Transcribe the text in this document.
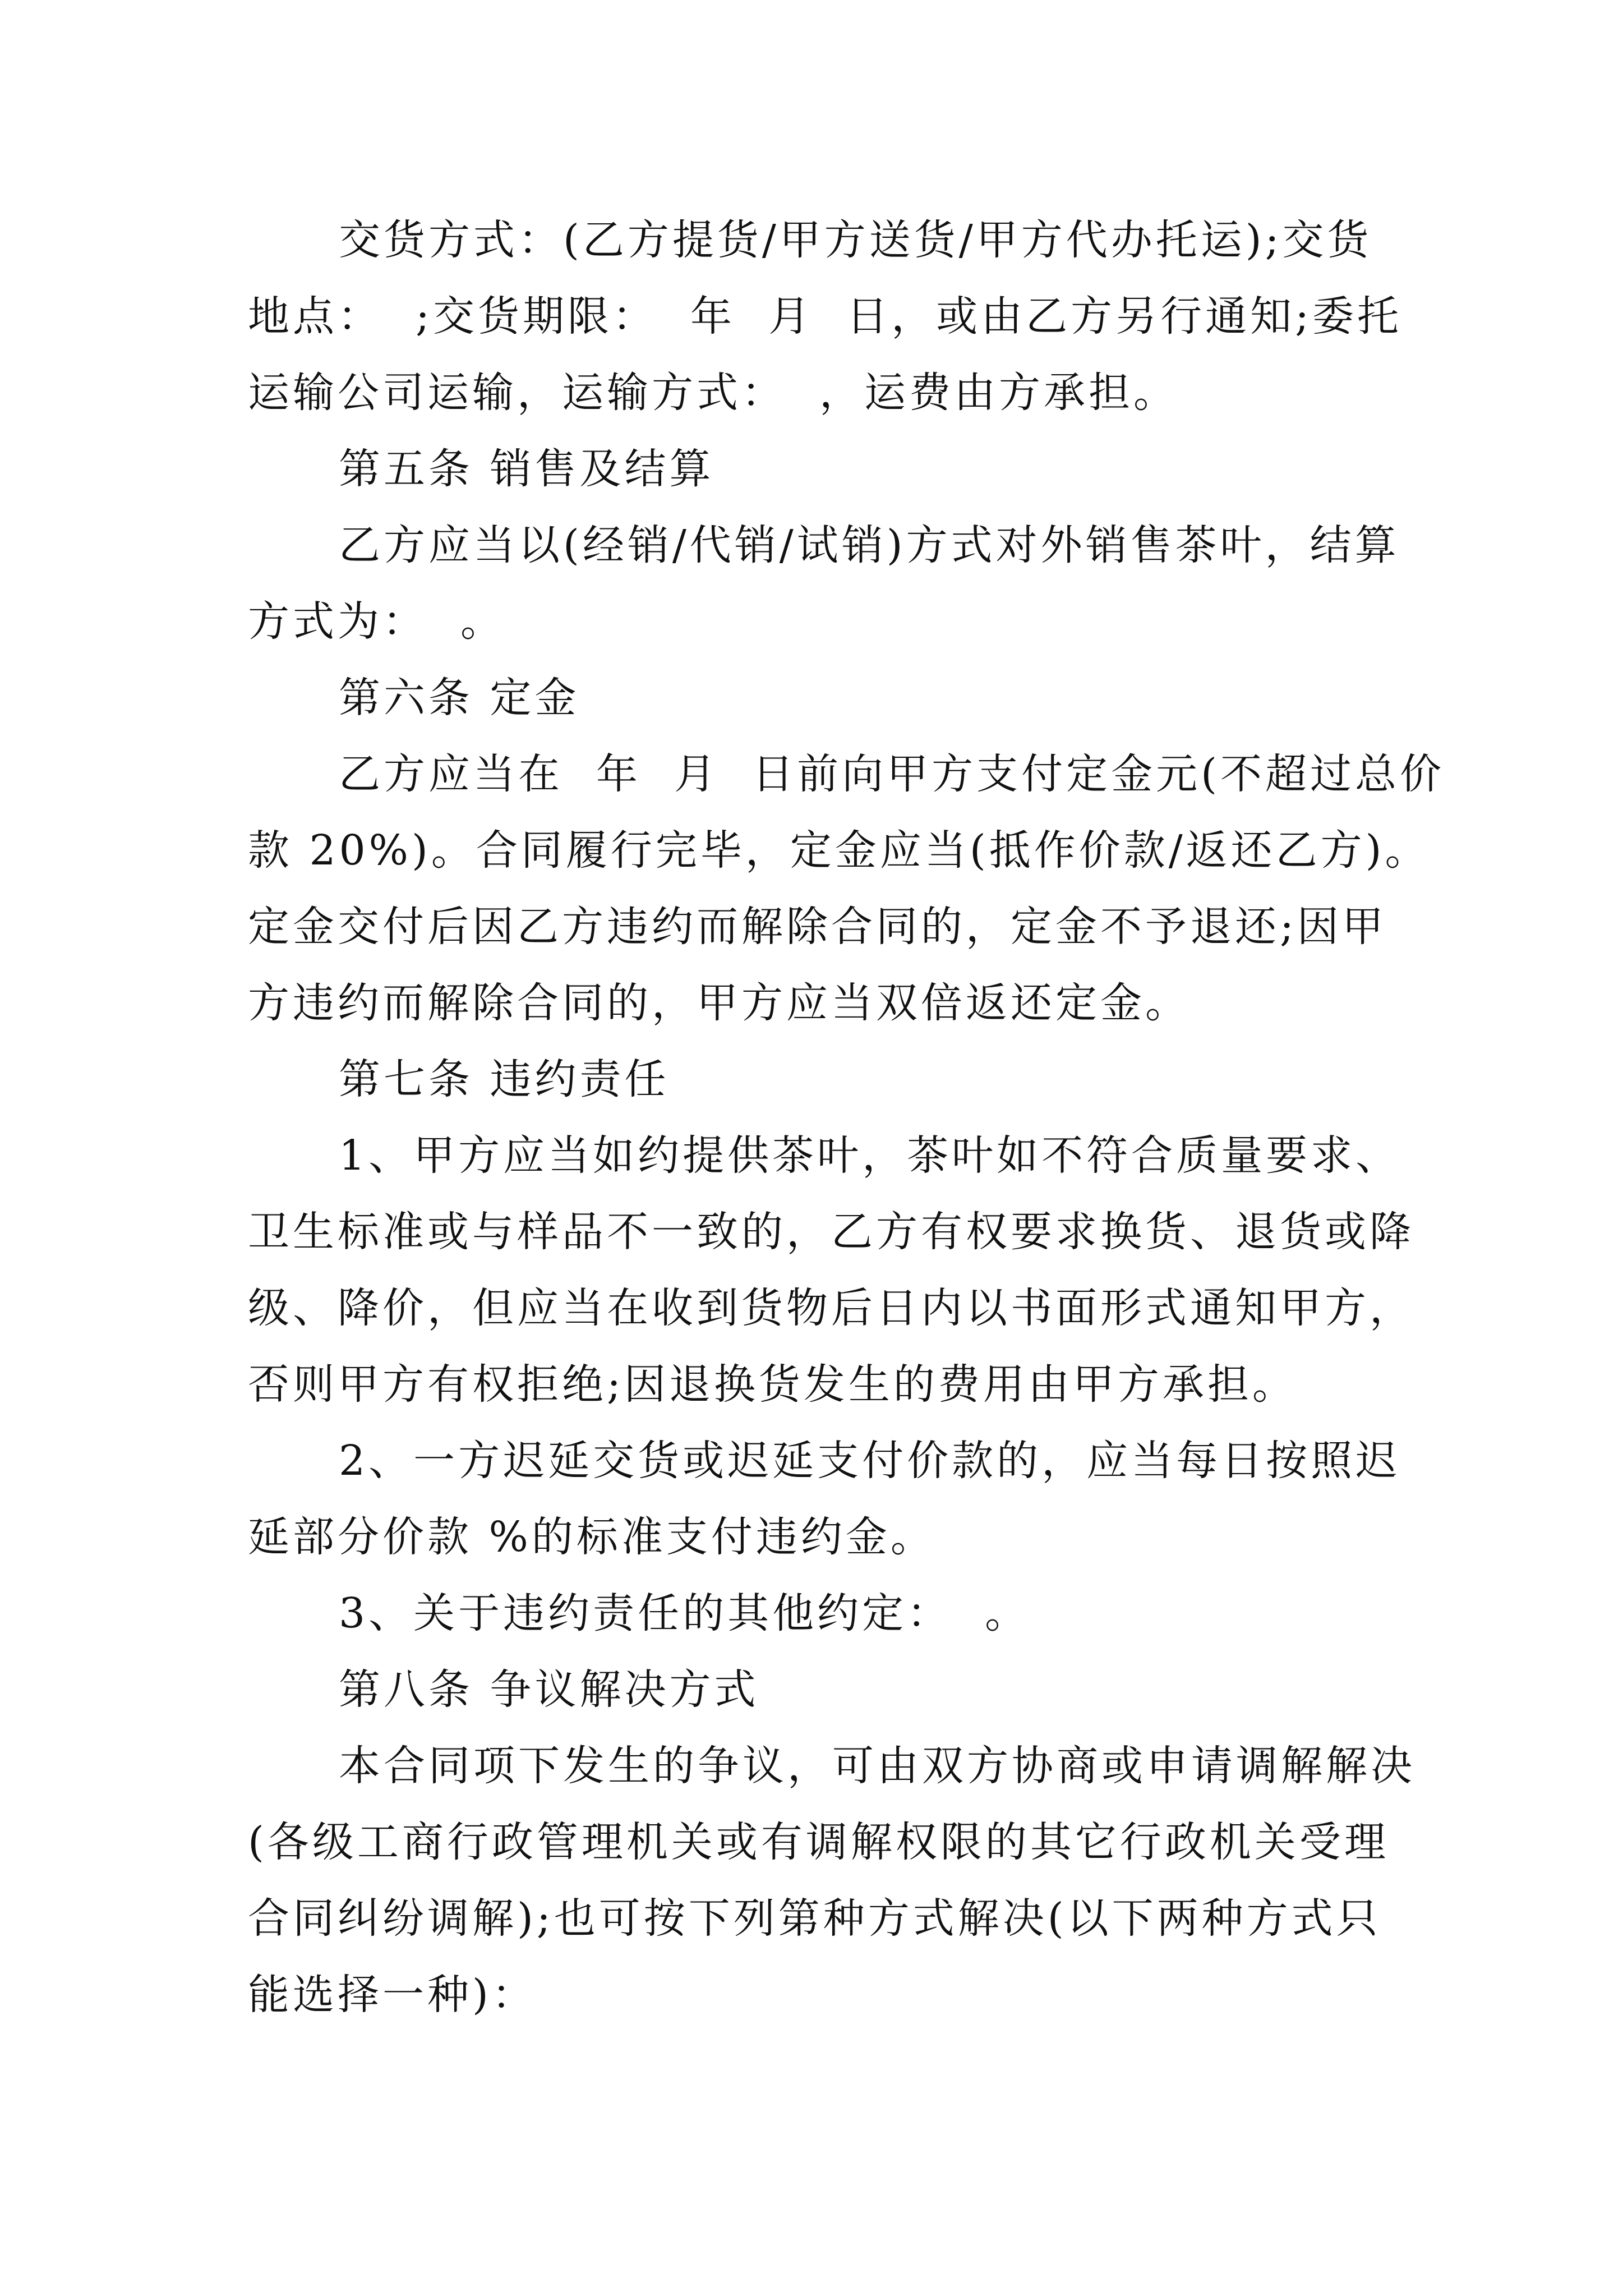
交货方式：(乙方提货/甲方送货/甲方代办托运);交货
地点：  ;交货期限：  年  月  日，或由乙方另行通知;委托
运输公司运输，运输方式：  ，运费由方承担。
第五条 销售及结算
乙方应当以(经销/代销/试销)方式对外销售茶叶，结算
方式为：  。
第六条 定金
乙方应当在  年  月  日前向甲方支付定金元(不超过总价
款 20%)。合同履行完毕，定金应当(抵作价款/返还乙方)。
定金交付后因乙方违约而解除合同的，定金不予退还;因甲
方违约而解除合同的，甲方应当双倍返还定金。
第七条 违约责任
1、甲方应当如约提供茶叶，茶叶如不符合质量要求、
卫生标准或与样品不一致的，乙方有权要求换货、退货或降
级、降价，但应当在收到货物后日内以书面形式通知甲方，
否则甲方有权拒绝;因退换货发生的费用由甲方承担。
2、一方迟延交货或迟延支付价款的，应当每日按照迟
延部分价款 %的标准支付违约金。
3、关于违约责任的其他约定：  。
第八条 争议解决方式
本合同项下发生的争议，可由双方协商或申请调解解决
(各级工商行政管理机关或有调解权限的其它行政机关受理
合同纠纷调解);也可按下列第种方式解决(以下两种方式只
能选择一种)：
